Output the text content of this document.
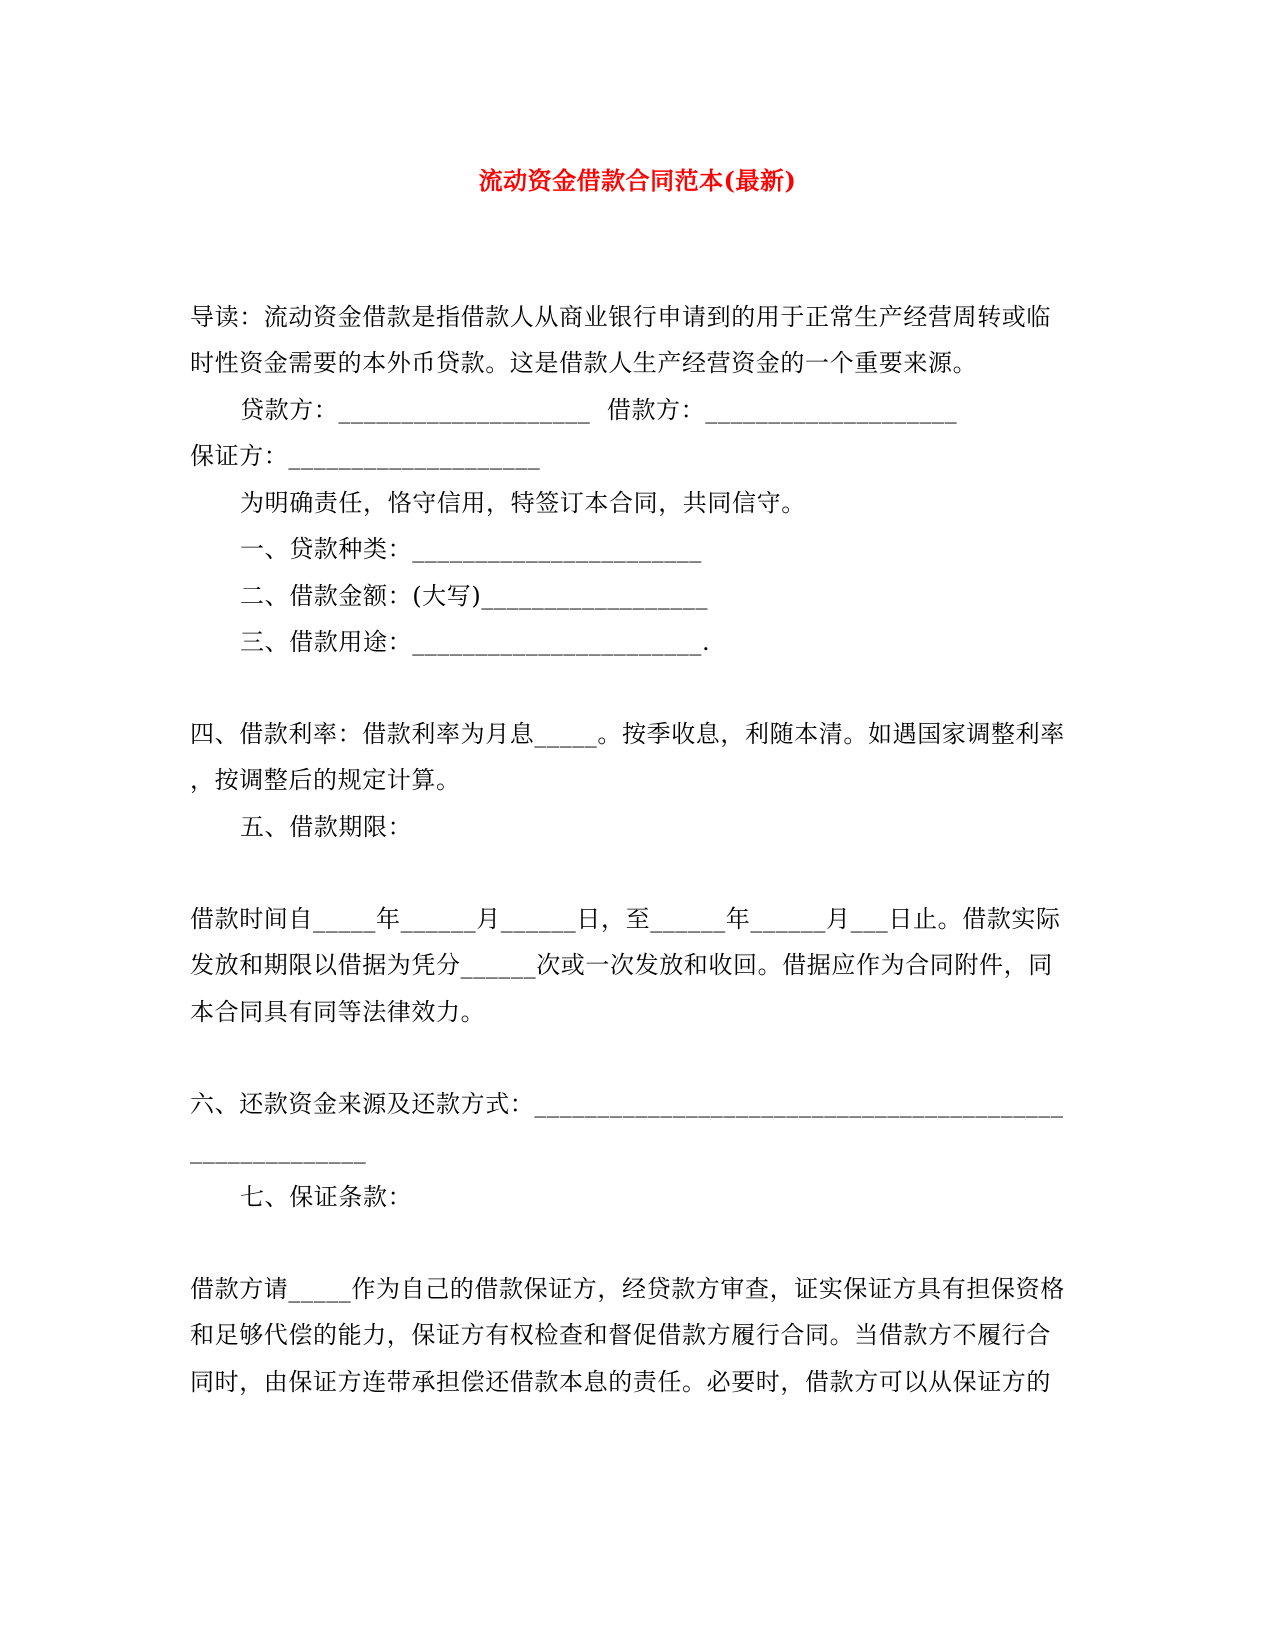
流动资金借款合同范本(最新)
导读：流动资金借款是指借款人从商业银行申请到的用于正常生产经营周转或临
时性资金需要的本外币贷款。这是借款人生产经营资金的一个重要来源。
贷款方：____________________  借款方：____________________
保证方：____________________
为明确责任，恪守信用，特签订本合同，共同信守。
一、贷款种类：_______________________
二、借款金额：(大写)__________________
三、借款用途：_______________________.
四、借款利率：借款利率为月息_____。按季收息，利随本清。如遇国家调整利率
，按调整后的规定计算。
五、借款期限：
借款时间自_____年______月______日，至______年______月___日止。借款实际
发放和期限以借据为凭分______次或一次发放和收回。借据应作为合同附件，同
本合同具有同等法律效力。
六、还款资金来源及还款方式：__________________________________________
______________
七、保证条款：
借款方请_____作为自己的借款保证方，经贷款方审查，证实保证方具有担保资格
和足够代偿的能力，保证方有权检查和督促借款方履行合同。当借款方不履行合
同时，由保证方连带承担偿还借款本息的责任。必要时，借款方可以从保证方的
